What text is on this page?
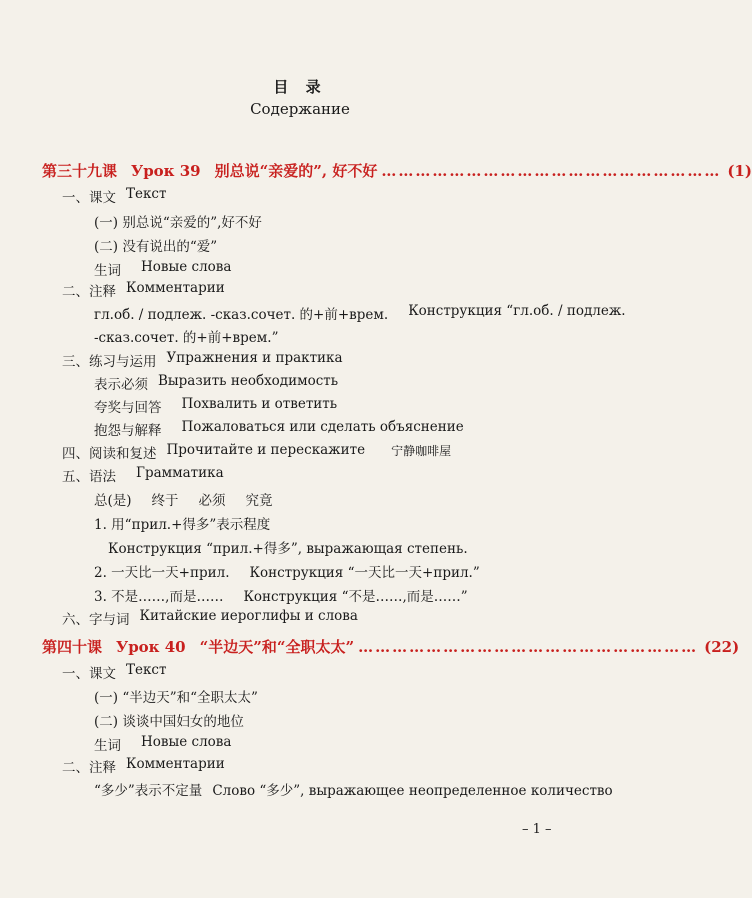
目 录
Содержание
第三十九课 Урок 39 别总说“亲爱的”, 好不好 …………………………………………………… (1)
一、课文 Текст
(一) 别总说“亲爱的”,好不好
(二) 没有说出的“爱”
生词 Новые слова
二、注释 Комментарии
гл.об. / подлеж. -сказ.сочет. 的+前+врем. Конструкция “гл.об. / подлеж.
-сказ.сочет. 的+前+врем.”
三、练习与运用 Упражнения и практика
表示必须 Выразить необходимость
夸奖与回答 Похвалить и ответить
抱怨与解释 Пожаловаться или сделать объяснение
四、阅读和复述 Прочитайте и перескажите 宁静咖啡屋
五、语法 Грамматика
总(是) 终于 必须 究竟
1. 用“прил.+得多”表示程度
Конструкция “прил.+得多”, выражающая степень.
2. 一天比一天+прил. Конструкция “一天比一天+прил.”
3. 不是……,而是…… Конструкция “不是……,而是……”
六、字与词 Китайские иероглифы и слова
第四十课 Урок 40 “半边天”和“全职太太” …………………………………………………… (22)
一、课文 Текст
(一) “半边天”和“全职太太”
(二) 谈谈中国妇女的地位
生词 Новые слова
二、注释 Комментарии
“多少”表示不定量 Слово “多少”, выражающее неопределенное количество
– 1 –
